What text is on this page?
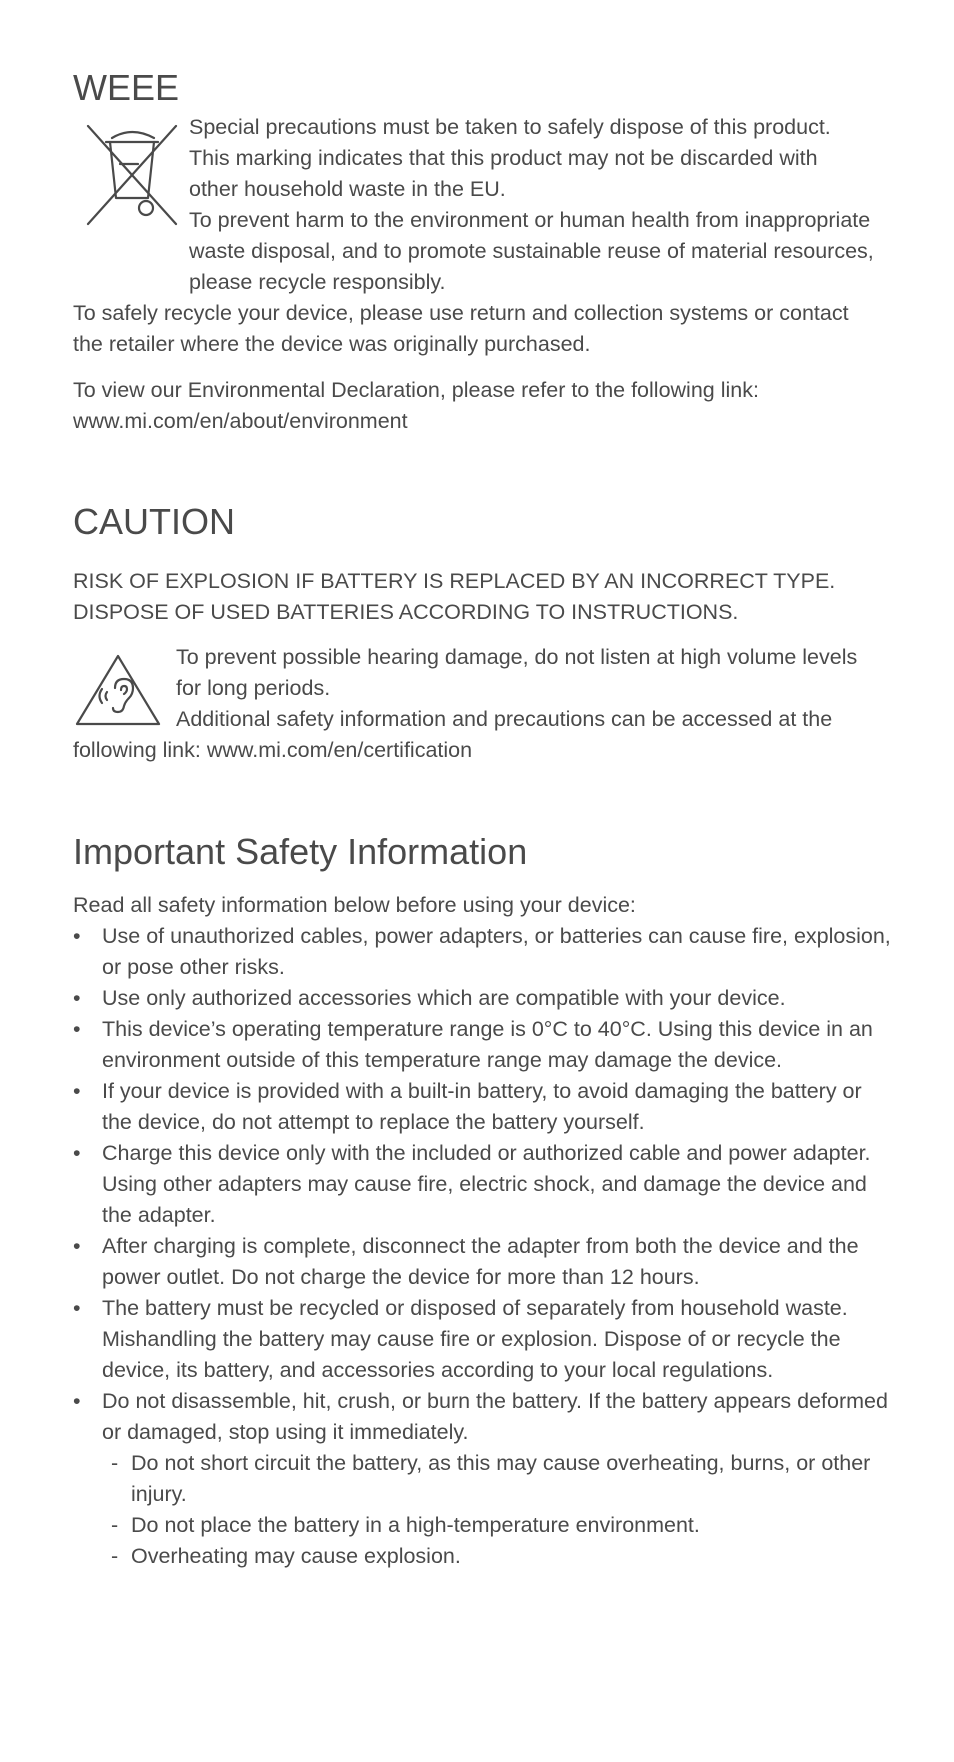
WEEE

Special precautions must be taken to safely dispose of this product. This marking indicates that this product may not be discarded with other household waste in the EU.

To prevent harm to the environment or human health from inappropriate waste disposal, and to promote sustainable reuse of material resources, please recycle responsibly.

To safely recycle your device, please use return and collection systems or contact the retailer where the device was originally purchased.

To view our Environmental Declaration, please refer to the following link:

www.mi.com/en/about/environment

CAUTION

RISK OF EXPLOSION IF BATTERY IS REPLACED BY AN INCORRECT TYPE.

DISPOSE OF USED BATTERIES ACCORDING TO INSTRUCTIONS.

To prevent possible hearing damage, do not listen at high volume levels for long periods.

Additional safety information and precautions can be accessed at the following link: www.mi.com/en/certification

Important Safety Information

Read all safety information below before using your device:

• Use of unauthorized cables, power adapters, or batteries can cause fire, explosion, or pose other risks.
• Use only authorized accessories which are compatible with your device.
• This device’s operating temperature range is 0°C to 40°C. Using this device in an environment outside of this temperature range may damage the device.
• If your device is provided with a built-in battery, to avoid damaging the battery or the device, do not attempt to replace the battery yourself.
• Charge this device only with the included or authorized cable and power adapter. Using other adapters may cause fire, electric shock, and damage the device and the adapter.
• After charging is complete, disconnect the adapter from both the device and the power outlet. Do not charge the device for more than 12 hours.
• The battery must be recycled or disposed of separately from household waste. Mishandling the battery may cause fire or explosion. Dispose of or recycle the device, its battery, and accessories according to your local regulations.
• Do not disassemble, hit, crush, or burn the battery. If the battery appears deformed or damaged, stop using it immediately.
- Do not short circuit the battery, as this may cause overheating, burns, or other injury.
- Do not place the battery in a high-temperature environment.
- Overheating may cause explosion.
